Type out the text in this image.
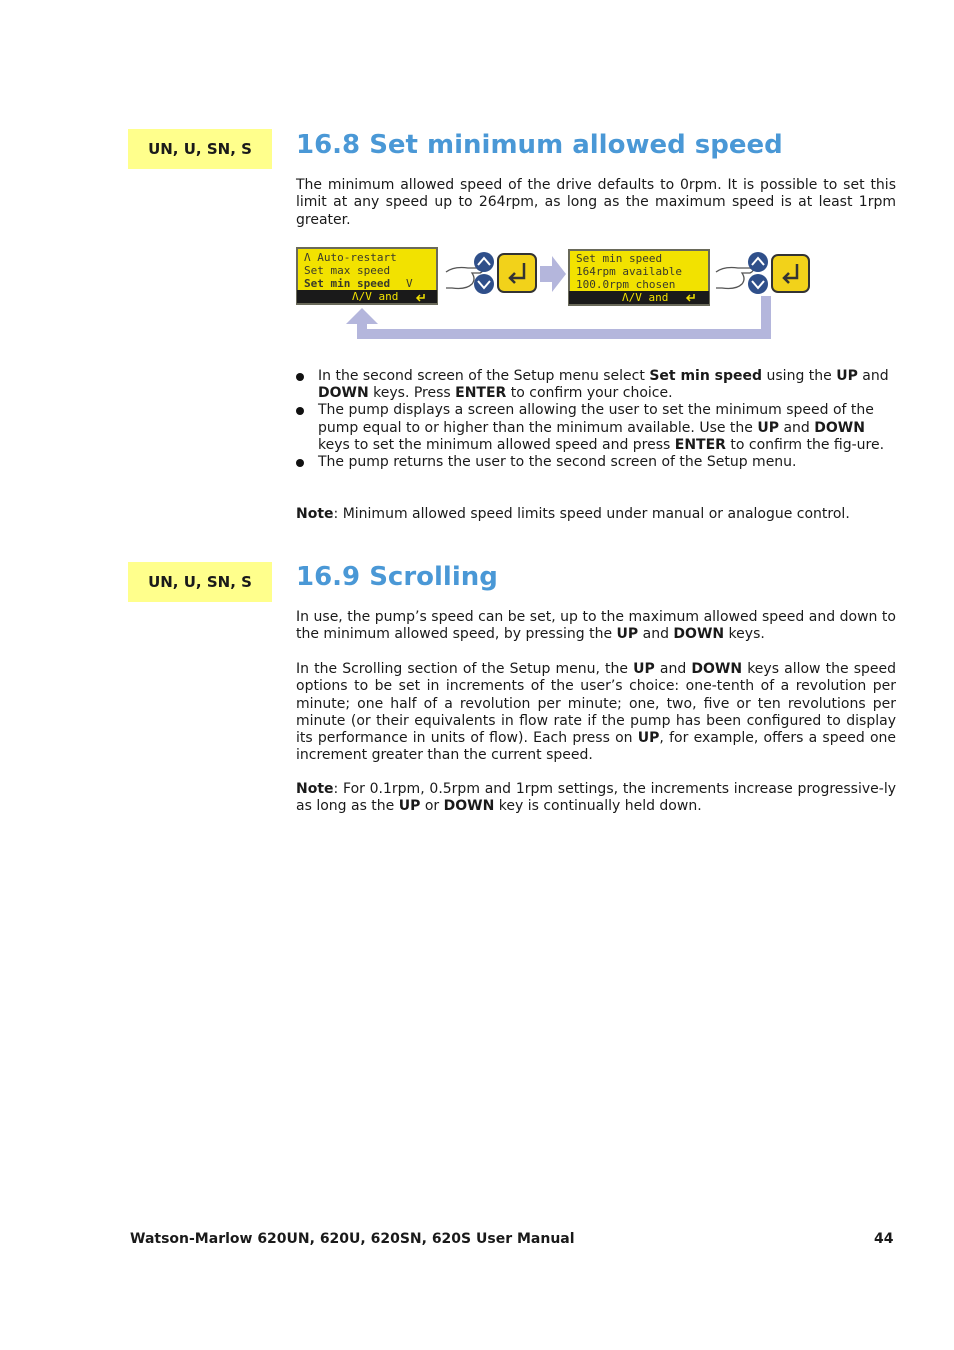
UN, U, SN, S	16.8 Set minimum allowed speed

The minimum allowed speed of the drive defaults to 0rpm. It is possible to set this limit at any speed up to 264rpm, as long as the maximum speed is at least 1rpm greater.

Λ Auto-restart
Set max speed
Set min speed V
Λ/V and
Set min speed
164rpm available
100.0rpm chosen
Λ/V and
In the second screen of the Setup menu select Set min speed using the UP and DOWN keys. Press ENTER to confirm your choice.
The pump displays a screen allowing the user to set the minimum speed of the pump equal to or higher than the minimum available. Use the UP and DOWN keys to set the minimum allowed speed and press ENTER to confirm the fig-ure.
The pump returns the user to the second screen of the Setup menu.

Note: Minimum allowed speed limits speed under manual or analogue control.

UN, U, SN, S	16.9 Scrolling

In use, the pump’s speed can be set, up to the maximum allowed speed and down to the minimum allowed speed, by pressing the UP and DOWN keys.

In the Scrolling section of the Setup menu, the UP and DOWN keys allow the speed options to be set in increments of the user’s choice: one-tenth of a revolution per minute; one half of a revolution per minute; one, two, five or ten revolutions per minute (or their equivalents in flow rate if the pump has been configured to display its performance in units of flow). Each press on UP, for example, offers a speed one increment greater than the current speed.

Note: For 0.1rpm, 0.5rpm and 1rpm settings, the increments increase progressive-ly as long as the UP or DOWN key is continually held down.

Watson-Marlow 620UN, 620U, 620SN, 620S User Manual	44
